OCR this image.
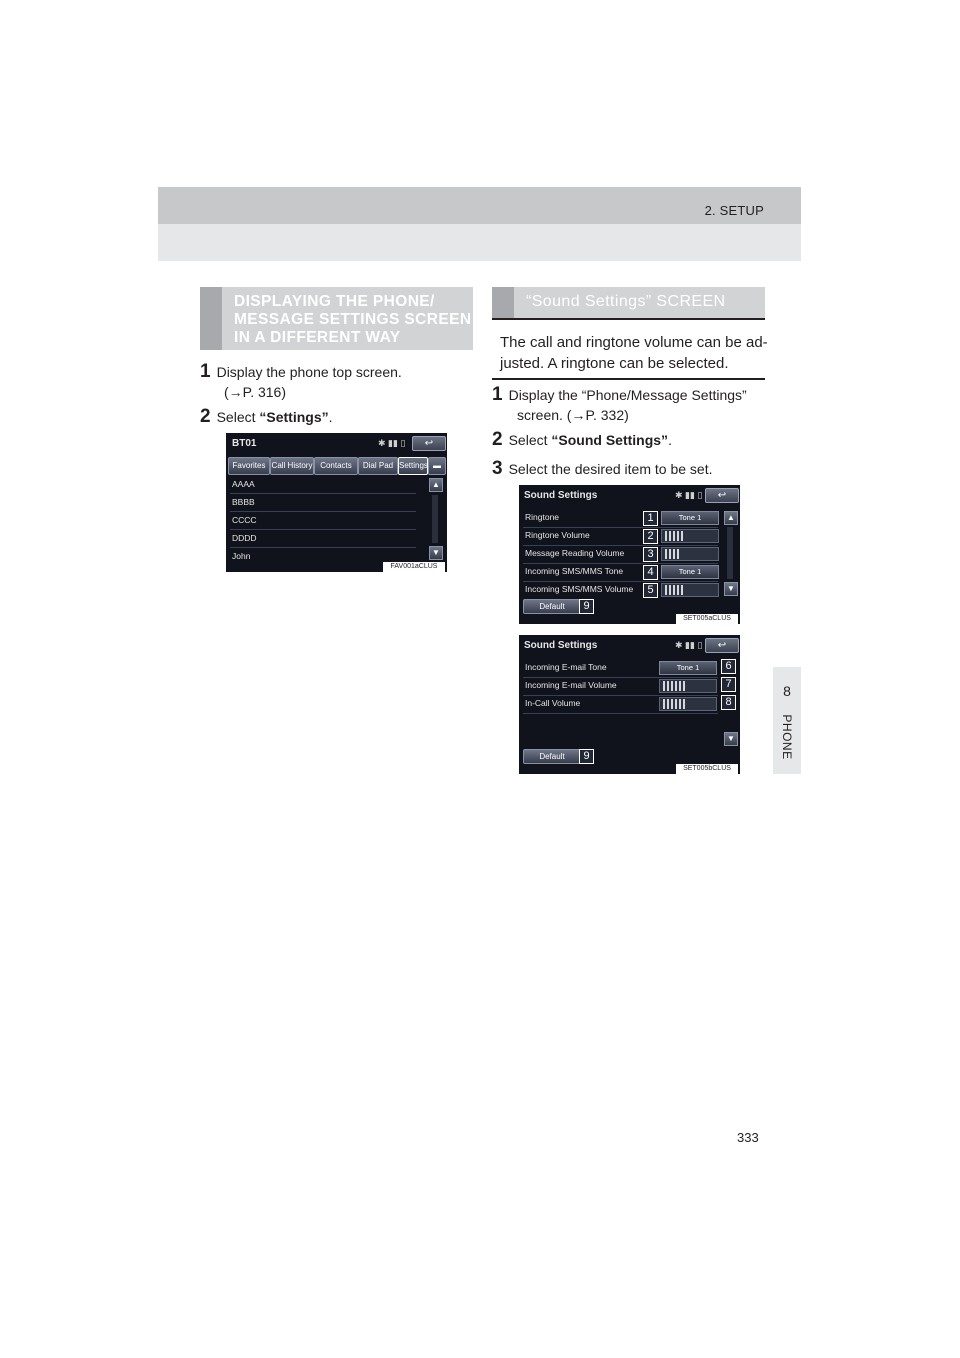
2. SETUP
8
PHONE
DISPLAYING THE PHONE/
MESSAGE SETTINGS SCREEN
IN A DIFFERENT WAY
1 Display the phone top screen.
(→P. 316)
2 Select “Settings”.
BT01	✱ ▮▮ ▯	↩
Favorites Call History Contacts	Dial Pad Settings ▬
AAAA
BBBB
CCCC
DDDD
John
▲
▼
FAV001aCLUS
“Sound Settings” SCREEN
The call and ringtone volume can be ad-
justed. A ringtone can be selected.
1 Display the “Phone/Message Settings”
screen. (→P. 332)
2 Select “Sound Settings”.
3 Select the desired item to be set.
Sound Settings	✱ ▮▮ ▯	↩
Ringtone	1	Tone 1
Ringtone Volume	2
Message Reading Volume	3
Incoming SMS/MMS Tone	4	Tone 1
Incoming SMS/MMS Volume	5
Default	9
▲
▼
SET005aCLUS
Sound Settings	✱ ▮▮ ▯	↩
Incoming E-mail Tone	Tone 1	6
Incoming E-mail Volume	7
In-Call Volume	8
▼
Default	9
SET005bCLUS
333
